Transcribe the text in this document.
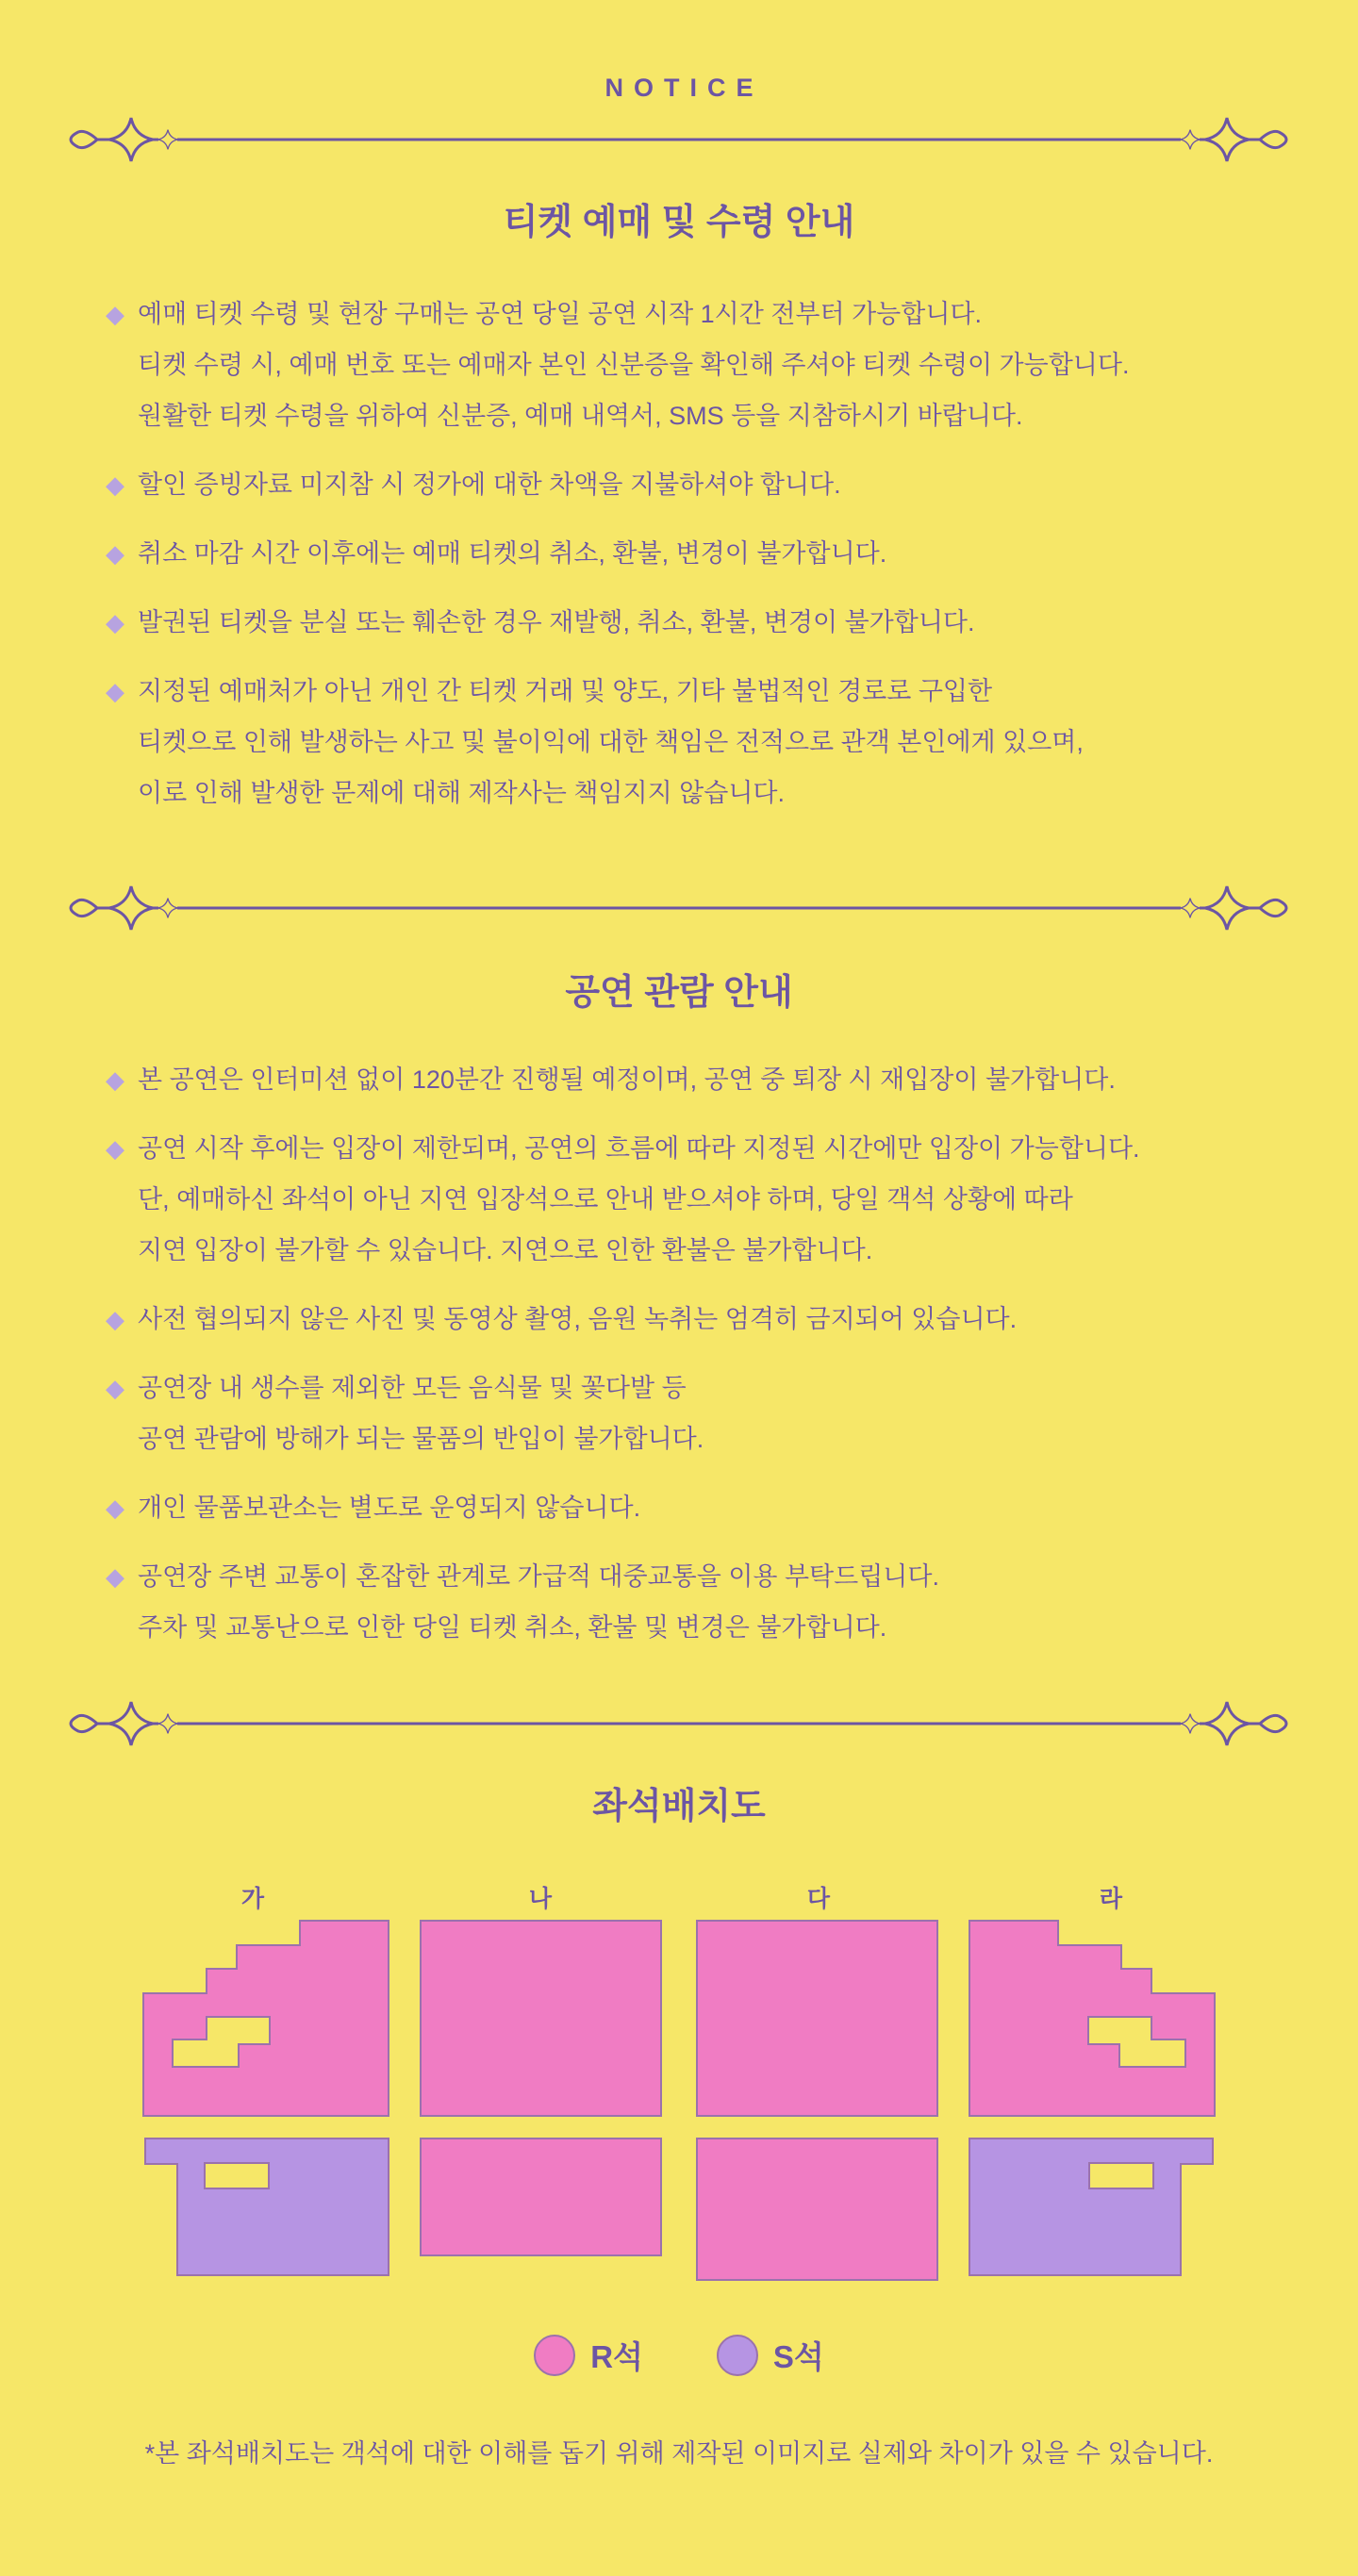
NOTICE
티켓 예매 및 수령 안내
◆ 예매 티켓 수령 및 현장 구매는 공연 당일 공연 시작 1시간 전부터 가능합니다.
티켓 수령 시, 예매 번호 또는 예매자 본인 신분증을 확인해 주셔야 티켓 수령이 가능합니다.
원활한 티켓 수령을 위하여 신분증, 예매 내역서, SMS 등을 지참하시기 바랍니다.
◆ 할인 증빙자료 미지참 시 정가에 대한 차액을 지불하셔야 합니다.
◆ 취소 마감 시간 이후에는 예매 티켓의 취소, 환불, 변경이 불가합니다.
◆ 발권된 티켓을 분실 또는 훼손한 경우 재발행, 취소, 환불, 변경이 불가합니다.
◆ 지정된 예매처가 아닌 개인 간 티켓 거래 및 양도, 기타 불법적인 경로로 구입한
티켓으로 인해 발생하는 사고 및 불이익에 대한 책임은 전적으로 관객 본인에게 있으며,
이로 인해 발생한 문제에 대해 제작사는 책임지지 않습니다.
공연 관람 안내
◆ 본 공연은 인터미션 없이 120분간 진행될 예정이며, 공연 중 퇴장 시 재입장이 불가합니다.
◆ 공연 시작 후에는 입장이 제한되며, 공연의 흐름에 따라 지정된 시간에만 입장이 가능합니다.
단, 예매하신 좌석이 아닌 지연 입장석으로 안내 받으셔야 하며, 당일 객석 상황에 따라
지연 입장이 불가할 수 있습니다. 지연으로 인한 환불은 불가합니다.
◆ 사전 협의되지 않은 사진 및 동영상 촬영, 음원 녹취는 엄격히 금지되어 있습니다.
◆ 공연장 내 생수를 제외한 모든 음식물 및 꽃다발 등
공연 관람에 방해가 되는 물품의 반입이 불가합니다.
◆ 개인 물품보관소는 별도로 운영되지 않습니다.
◆ 공연장 주변 교통이 혼잡한 관계로 가급적 대중교통을 이용 부탁드립니다.
주차 및 교통난으로 인한 당일 티켓 취소, 환불 및 변경은 불가합니다.
좌석배치도
가	나	다	라
R석	S석
*본 좌석배치도는 객석에 대한 이해를 돕기 위해 제작된 이미지로 실제와 차이가 있을 수 있습니다.
